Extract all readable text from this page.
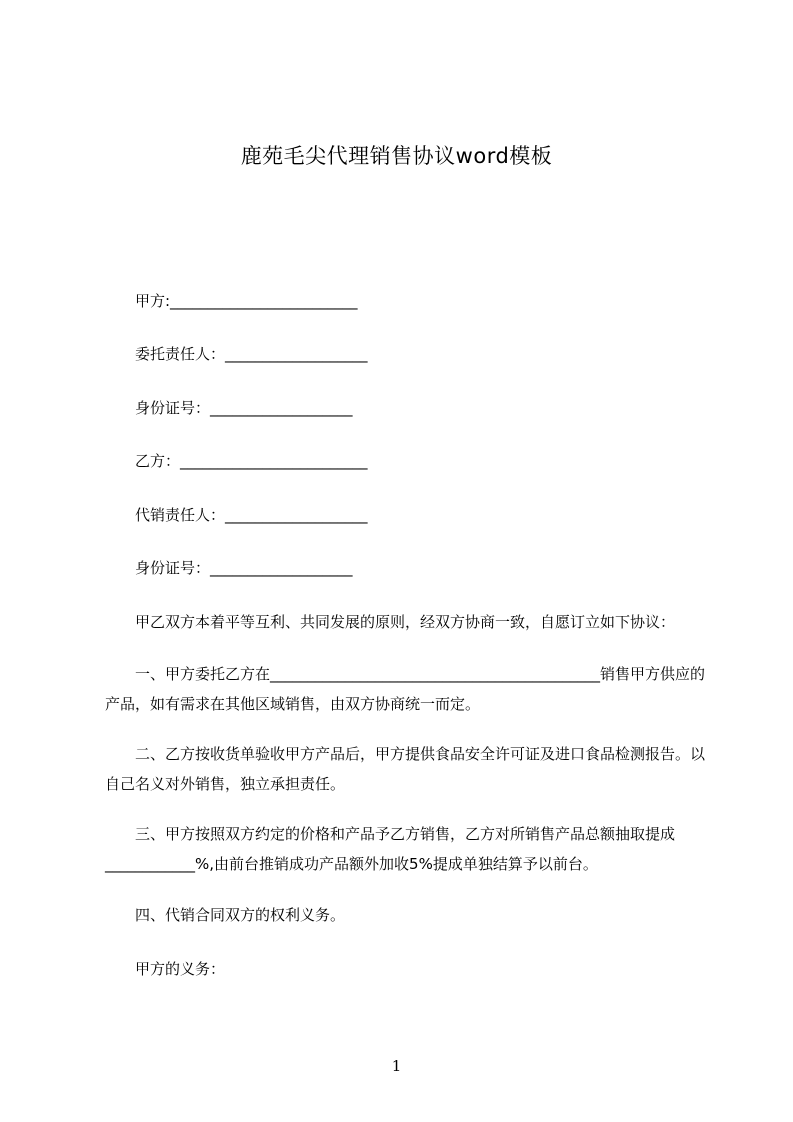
鹿苑毛尖代理销售协议word模板
甲方:_________________________
委托责任人：___________________
身份证号：___________________
乙方：_________________________
代销责任人：___________________
身份证号：___________________
甲乙双方本着平等互利、共同发展的原则，经双方协商一致，自愿订立如下协议：
一、甲方委托乙方在____________________________________________销售甲方供应的产品，如有需求在其他区域销售，由双方协商统一而定。
二、乙方按收货单验收甲方产品后，甲方提供食品安全许可证及进口食品检测报告。以自己名义对外销售，独立承担责任。
三、甲方按照双方约定的价格和产品予乙方销售，乙方对所销售产品总额抽取提成____________%,由前台推销成功产品额外加收5%提成单独结算予以前台。
四、代销合同双方的权利义务。
甲方的义务：
1
